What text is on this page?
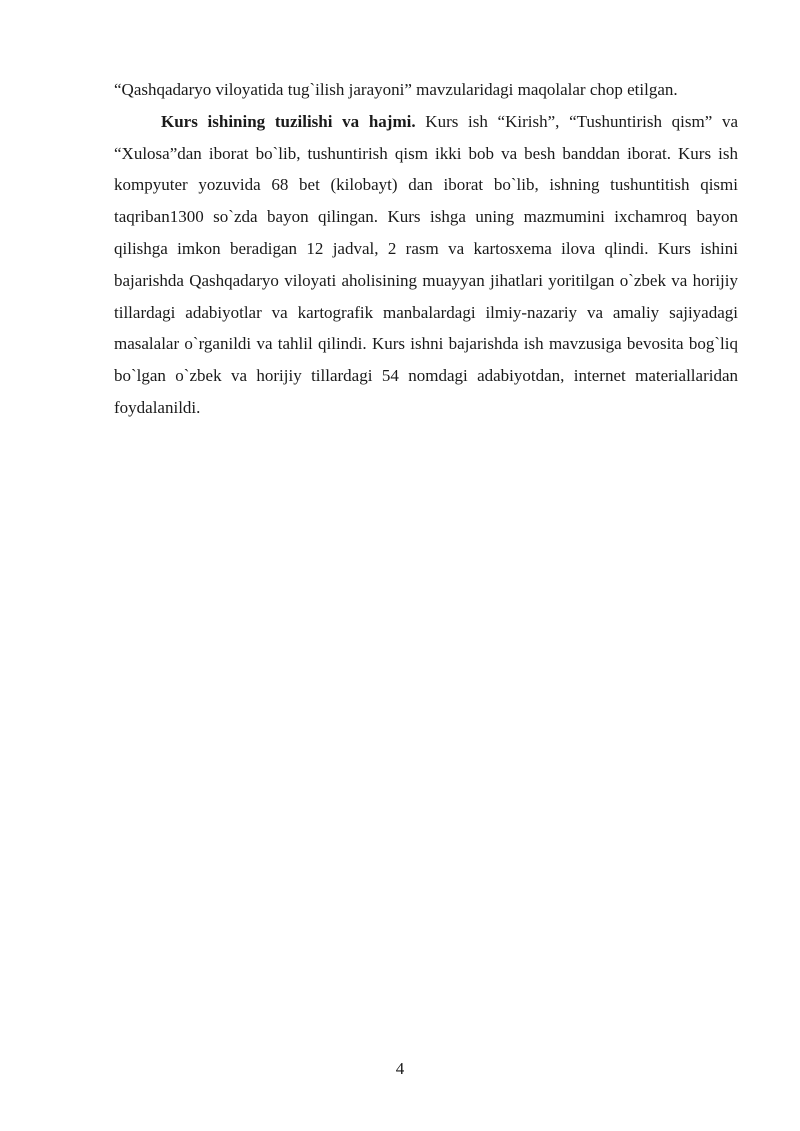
“Qashqadaryo viloyatida tug`ilish jarayoni” mavzularidagi maqolalar chop etilgan.

Kurs ishining tuzilishi va hajmi. Kurs ish “Kirish”, “Tushuntirish qism” va “Xulosa”dan iborat bo`lib, tushuntirish qism ikki bob va besh banddan iborat. Kurs ish kompyuter yozuvida 68 bet (kilobayt) dan iborat bo`lib, ishning tushuntitish qismi taqriban1300 so`zda bayon qilingan. Kurs ishga uning mazmumini ixchamroq bayon qilishga imkon beradigan 12 jadval, 2 rasm va kartosxema ilova qlindi. Kurs ishini bajarishda Qashqadaryo viloyati aholisining muayyan jihatlari yoritilgan o`zbek va horijiy tillardagi adabiyotlar va kartografik manbalardagi ilmiy-nazariy va amaliy sajiyadagi masalalar o`rganildi va tahlil qilindi. Kurs ishni bajarishda ish mavzusiga bevosita bog`liq bo`lgan o`zbek va horijiy tillardagi 54 nomdagi adabiyotdan, internet materiallaridan foydalanildi.

4
